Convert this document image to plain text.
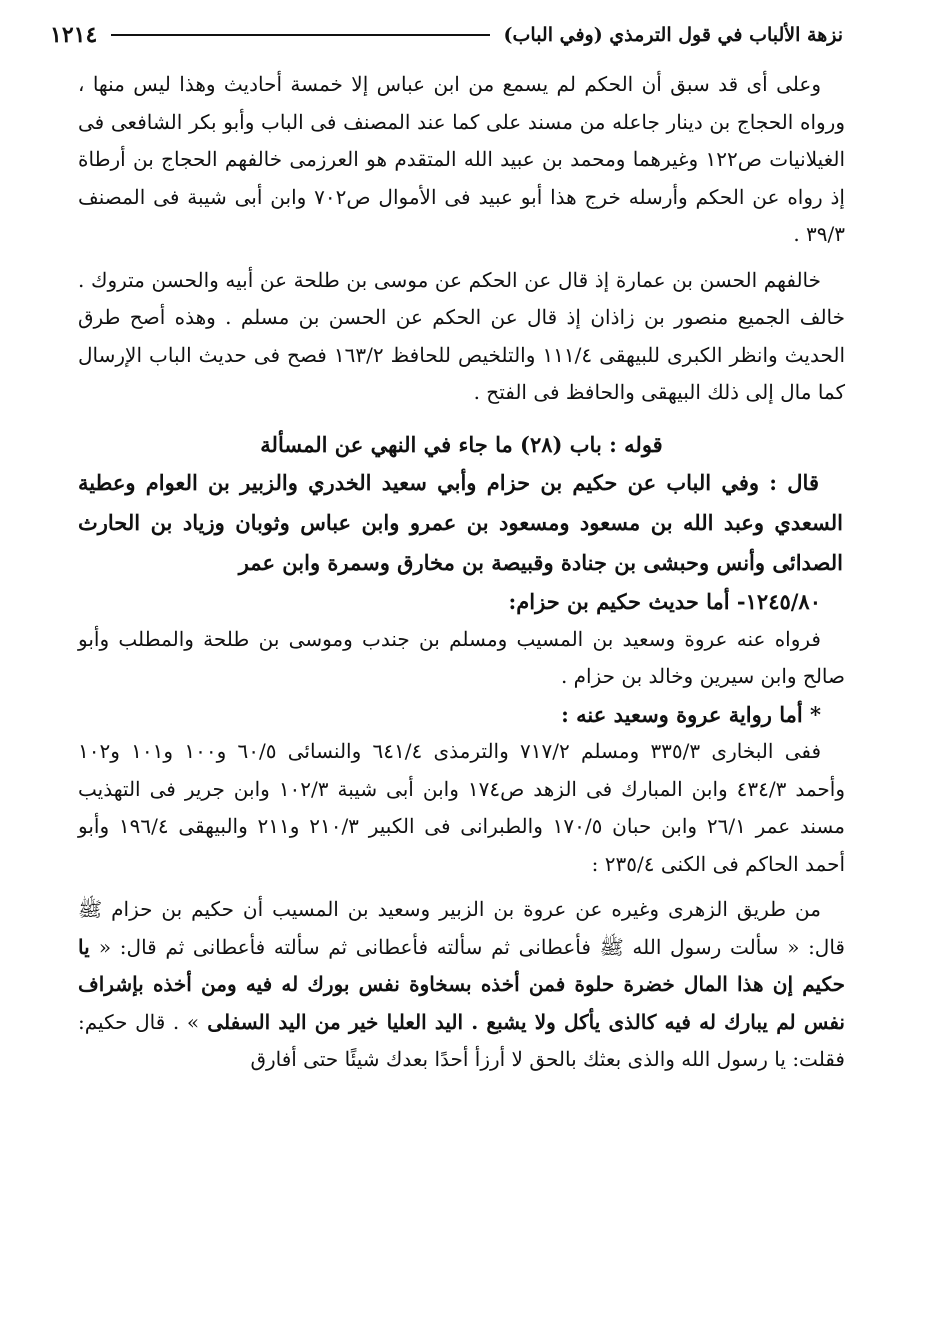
نزهة الألباب في قول الترمذي (وفي الباب)
١٢١٤

وعلى أى قد سبق أن الحكم لم يسمع من ابن عباس إلا خمسة أحاديث وهذا ليس منها ، ورواه الحجاج بن دينار جاعله من مسند على كما عند المصنف فى الباب وأبو بكر الشافعى فى الغيلانيات ص١٢٢ وغيرهما ومحمد بن عبيد الله المتقدم هو العرزمى خالفهم الحجاج بن أرطاة إذ رواه عن الحكم وأرسله خرج هذا أبو عبيد فى الأموال ص٧٠٢ وابن أبى شيبة فى المصنف ٣٩/٣ .

خالفهم الحسن بن عمارة إذ قال عن الحكم عن موسى بن طلحة عن أبيه والحسن متروك . خالف الجميع منصور بن زاذان إذ قال عن الحكم عن الحسن بن مسلم . وهذه أصح طرق الحديث وانظر الكبرى للبيهقى ١١١/٤ والتلخيص للحافظ ١٦٣/٢ فصح فى حديث الباب الإرسال كما مال إلى ذلك البيهقى والحافظ فى الفتح .

قوله : باب (٢٨) ما جاء في النهي عن المسألة

قال : وفي الباب عن حكيم بن حزام وأبي سعيد الخدري والزبير بن العوام وعطية السعدي وعبد الله بن مسعود ومسعود بن عمرو وابن عباس وثوبان وزياد بن الحارث الصدائى وأنس وحبشى بن جنادة وقبيصة بن مخارق وسمرة وابن عمر

١٢٤٥/٨٠- أما حديث حكيم بن حزام:

فرواه عنه عروة وسعيد بن المسيب ومسلم بن جندب وموسى بن طلحة والمطلب وأبو صالح وابن سيرين وخالد بن حزام .

* أما رواية عروة وسعيد عنه :

ففى البخارى ٣٣٥/٣ ومسلم ٧١٧/٢ والترمذى ٦٤١/٤ والنسائى ٦٠/٥ و١٠٠ و١٠١ و١٠٢ وأحمد ٤٣٤/٣ وابن المبارك فى الزهد ص١٧٤ وابن أبى شيبة ١٠٢/٣ وابن جرير فى التهذيب مسند عمر ٢٦/١ وابن حبان ١٧٠/٥ والطبرانى فى الكبير ٢١٠/٣ و٢١١ والبيهقى ١٩٦/٤ وأبو أحمد الحاكم فى الكنى ٢٣٥/٤ :

من طريق الزهرى وغيره عن عروة بن الزبير وسعيد بن المسيب أن حكيم بن حزام ﷺ قال: « سألت رسول الله ﷺ فأعطانى ثم سألته فأعطانى ثم سألته فأعطانى ثم قال: « يا حكيم إن هذا المال خضرة حلوة فمن أخذه بسخاوة نفس بورك له فيه ومن أخذه بإشراف نفس لم يبارك له فيه كالذى يأكل ولا يشبع . اليد العليا خير من اليد السفلى » . قال حكيم: فقلت: يا رسول الله والذى بعثك بالحق لا أرزأ أحدًا بعدك شيئًا حتى أفارق
